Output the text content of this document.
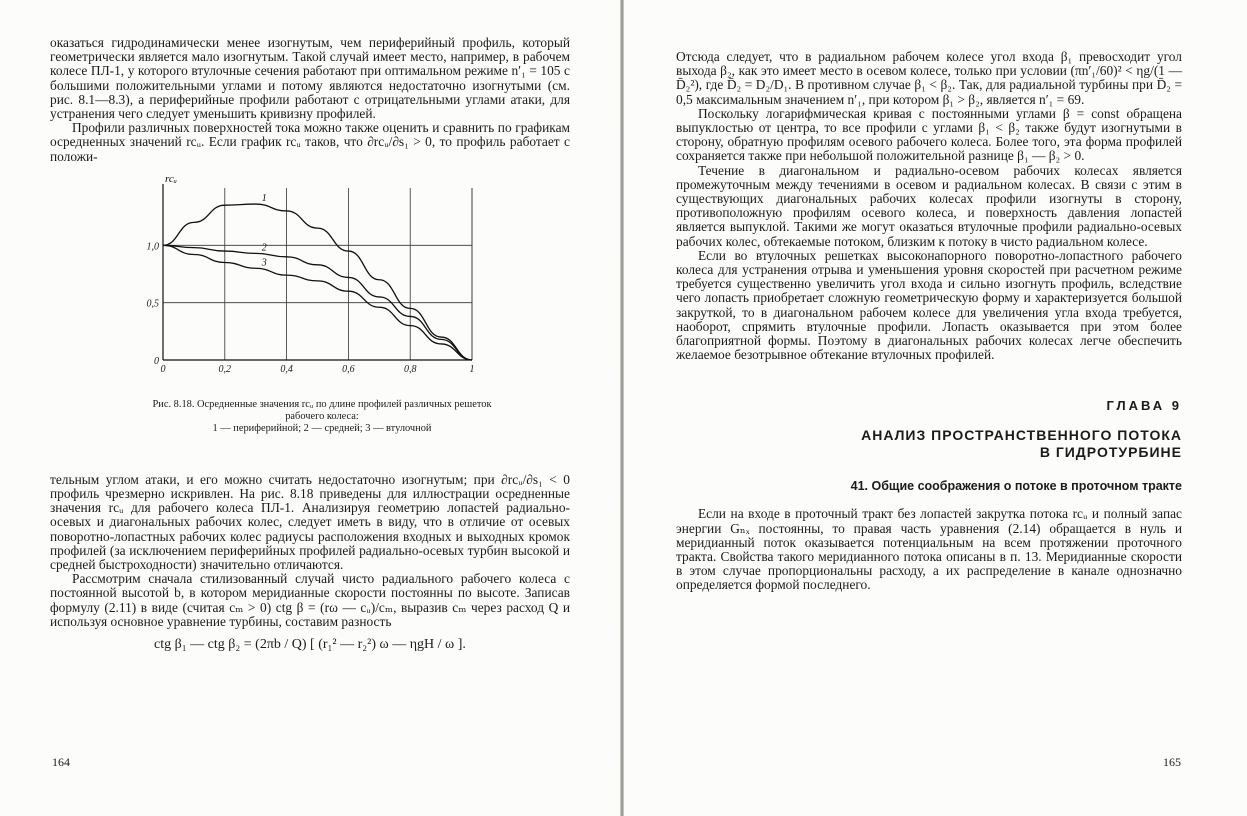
оказаться гидродинамически менее изогнутым, чем периферийный профиль, который геометрически является мало изогнутым. Такой случай имеет место, например, в рабочем колесе ПЛ-1, у которого втулочные сечения работают при оптимальном режиме n′₁ = 105 с большими положительными углами и потому являются недостаточно изогнутыми (см. рис. 8.1—8.3), а периферийные профили работают с отрицательными углами атаки, для устранения чего следует уменьшить кривизну профилей.

Профили различных поверхностей тока можно также оценить и сравнить по графикам осредненных значений rcᵤ. Если график rcᵤ таков, что ∂rcᵤ/∂s₁ > 0, то профиль работает с положи-

0	0,2	0,4	0,6	0,8	1
0
0,5
1,0
rcᵤ
1
2
3
Рис. 8.18. Осредненные значения rcᵤ по длине профилей различных решеток рабочего колеса:
1 — периферийной; 2 — средней; 3 — втулочной

тельным углом атаки, и его можно считать недостаточно изогнутым; при ∂rcᵤ/∂s₁ < 0 профиль чрезмерно искривлен. На рис. 8.18 приведены для иллюстрации осредненные значения rcᵤ для рабочего колеса ПЛ-1. Анализируя геометрию лопастей радиально-осевых и диагональных рабочих колес, следует иметь в виду, что в отличие от осевых поворотно-лопастных рабочих колес радиусы расположения входных и выходных кромок профилей (за исключением периферийных профилей радиально-осевых турбин высокой и средней быстроходности) значительно отличаются.

Рассмотрим сначала стилизованный случай чисто радиального рабочего колеса с постоянной высотой b, в котором меридианные скорости постоянны по высоте. Записав формулу (2.11) в виде (считая cₘ > 0) ctg β = (rω — cᵤ)/cₘ, выразив cₘ через расход Q и используя основное уравнение турбины, составим разность

ctg β₁ — ctg β₂ = (2πb / Q) [ (r₁² — r₂²) ω — ηgH / ω ].
164

Отсюда следует, что в радиальном рабочем колесе угол входа β₁ превосходит угол выхода β₂, как это имеет место в осевом колесе, только при условии (πn′₁/60)² < ηg/(1 — D̄₂²), где D̄₂ = D₂/D₁. В противном случае β₁ < β₂. Так, для радиальной турбины при D̄₂ = 0,5 максимальным значением n′₁, при котором β₁ > β₂, является n′₁ = 69.

Поскольку логарифмическая кривая с постоянными углами β = const обращена выпуклостью от центра, то все профили с углами β₁ < β₂ также будут изогнутыми в сторону, обратную профилям осевого рабочего колеса. Более того, эта форма профилей сохраняется также при небольшой положительной разнице β₁ — β₂ > 0.

Течение в диагональном и радиально-осевом рабочих колесах является промежуточным между течениями в осевом и радиальном колесах. В связи с этим в существующих диагональных рабочих колесах профили изогнуты в сторону, противоположную профилям осевого колеса, и поверхность давления лопастей является выпуклой. Такими же могут оказаться втулочные профили радиально-осевых рабочих колес, обтекаемые потоком, близким к потоку в чисто радиальном колесе.

Если во втулочных решетках высоконапорного поворотно-лопастного рабочего колеса для устранения отрыва и уменьшения уровня скоростей при расчетном режиме требуется существенно увеличить угол входа и сильно изогнуть профиль, вследствие чего лопасть приобретает сложную геометрическую форму и характеризуется большой закруткой, то в диагональном рабочем колесе для увеличения угла входа требуется, наоборот, спрямить втулочные профили. Лопасть оказывается при этом более благоприятной формы. Поэтому в диагональных рабочих колесах легче обеспечить желаемое безотрывное обтекание втулочных профилей.

ГЛАВА 9
АНАЛИЗ ПРОСТРАНСТВЕННОГО ПОТОКА
В ГИДРОТУРБИНЕ
41. Общие соображения о потоке в проточном тракте

Если на входе в проточный тракт без лопастей закрутка потока rcᵤ и полный запас энергии Gₙₓ постоянны, то правая часть уравнения (2.14) обращается в нуль и меридианный поток оказывается потенциальным на всем протяжении проточного тракта. Свойства такого меридианного потока описаны в п. 13. Меридианные скорости в этом случае пропорциональны расходу, а их распределение в канале однозначно определяется формой последнего.

165
